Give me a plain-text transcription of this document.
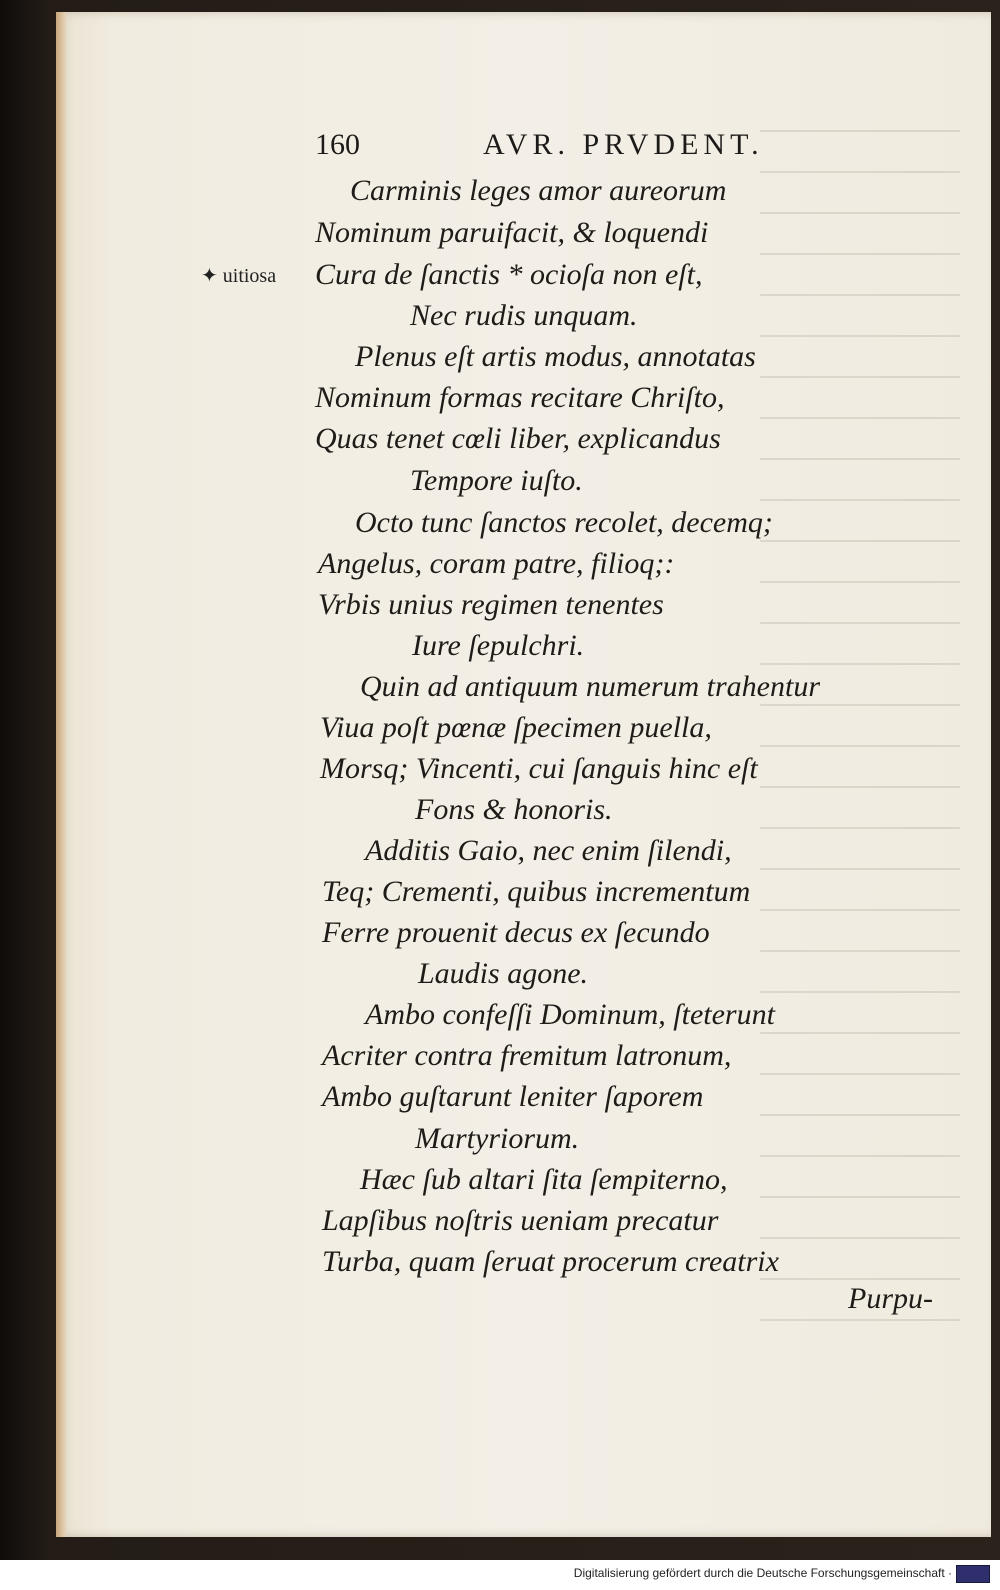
160	AVR. PRVDENT.
✦ uitiosa
Carminis leges amor aureorum
Nominum paruifacit, & loquendi
Cura de ſanctis * ocioſa non eſt,
Nec rudis unquam.
Plenus eſt artis modus, annotatas
Nominum formas recitare Chriſto,
Quas tenet cœli liber, explicandus
Tempore iuſto.
Octo tunc ſanctos recolet, decemq;
Angelus, coram patre, filioq;:
Vrbis unius regimen tenentes
Iure ſepulchri.
Quin ad antiquum numerum trahentur
Viua poſt pœnæ ſpecimen puella,
Morsq; Vincenti, cui ſanguis hinc eſt
Fons & honoris.
Additis Gaio, nec enim ſilendi,
Teq; Crementi, quibus incrementum
Ferre prouenit decus ex ſecundo
Laudis agone.
Ambo confeſſi Dominum, ſteterunt
Acriter contra fremitum latronum,
Ambo guſtarunt leniter ſaporem
Martyriorum.
Hæc ſub altari ſita ſempiterno,
Lapſibus noſtris ueniam precatur
Turba, quam ſeruat procerum creatrix
Purpu-
Digitalisierung gefördert durch die Deutsche Forschungsgemeinschaft ·
